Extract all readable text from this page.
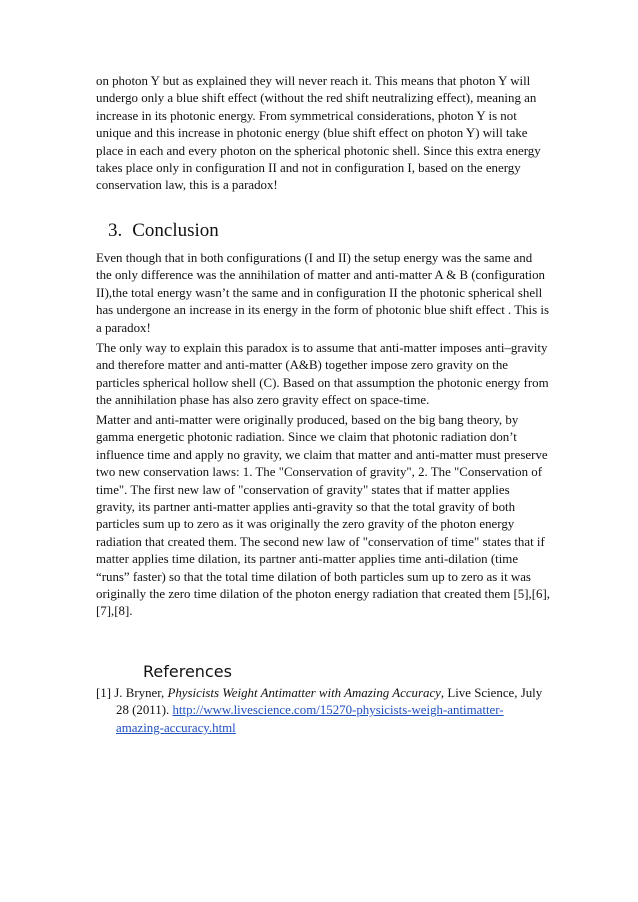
on photon Y but as explained they will never reach it. This means that photon Y will undergo only a blue shift effect (without the red shift neutralizing effect), meaning an increase in its photonic energy. From symmetrical considerations, photon Y is not unique and this increase in photonic energy (blue shift effect on photon Y) will take place in each and every photon on the spherical photonic shell. Since this extra energy takes place only in configuration II and not in configuration I, based on the energy conservation law, this is a paradox!

3. Conclusion

Even though that in both configurations (I and II) the setup energy was the same and the only difference was the annihilation of matter and anti-matter A & B (configuration II),the total energy wasn’t the same and in configuration II the photonic spherical shell has undergone an increase in its energy in the form of photonic blue shift effect . This is a paradox!

The only way to explain this paradox is to assume that anti-matter imposes anti–gravity and therefore matter and anti-matter (A&B) together impose zero gravity on the particles spherical hollow shell (C). Based on that assumption the photonic energy from the annihilation phase has also zero gravity effect on space-time.

Matter and anti-matter were originally produced, based on the big bang theory, by gamma energetic photonic radiation. Since we claim that photonic radiation don’t influence time and apply no gravity, we claim that matter and anti-matter must preserve two new conservation laws: 1. The "Conservation of gravity", 2. The "Conservation of time". The first new law of "conservation of gravity" states that if matter applies gravity, its partner anti-matter applies anti-gravity so that the total gravity of both particles sum up to zero as it was originally the zero gravity of the photon energy radiation that created them. The second new law of "conservation of time" states that if matter applies time dilation, its partner anti-matter applies time anti-dilation (time “runs” faster) so that the total time dilation of both particles sum up to zero as it was originally the zero time dilation of the photon energy radiation that created them [5],[6],[7],[8].

References

[1] J. Bryner, Physicists Weight Antimatter with Amazing Accuracy, Live Science, July 28 (2011). http://www.livescience.com/15270-physicists-weigh-antimatter-amazing-accuracy.html
